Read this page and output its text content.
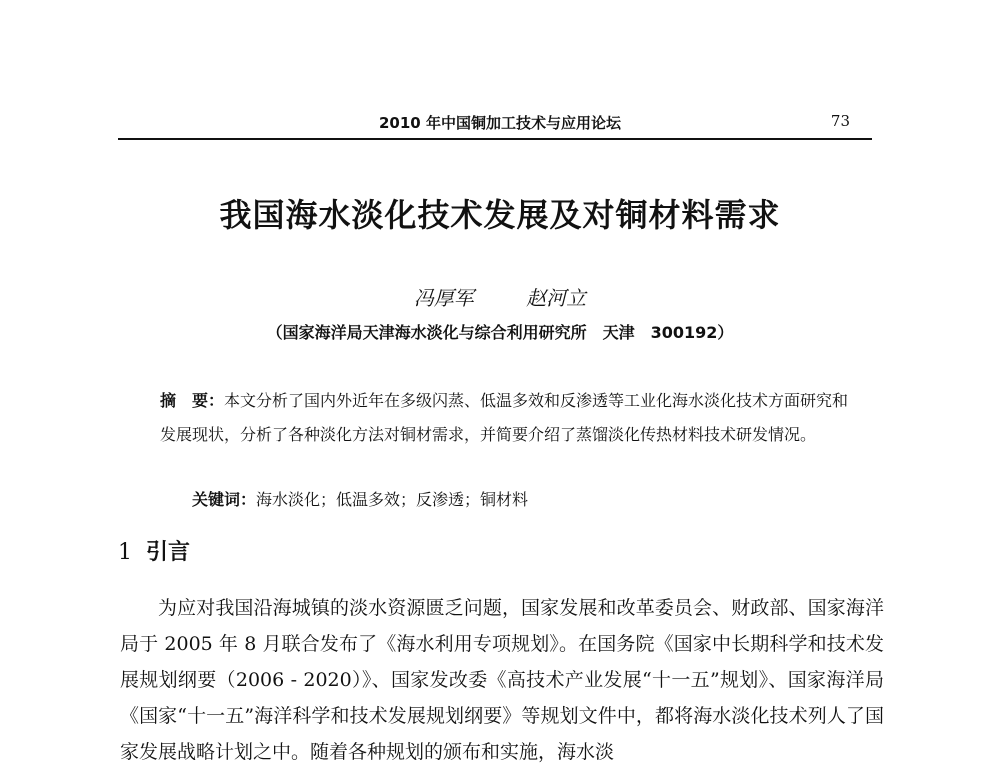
2010 年中国铜加工技术与应用论坛	73
我国海水淡化技术发展及对铜材料需求
冯厚军	赵河立
（国家海洋局天津海水淡化与综合利用研究所　天津　300192）
摘　要：本文分析了国内外近年在多级闪蒸、低温多效和反渗透等工业化海水淡化技术方面研究和发展现状，分析了各种淡化方法对铜材需求，并简要介绍了蒸馏淡化传热材料技术研发情况。
关键词：海水淡化；低温多效；反渗透；铜材料
1 引言

为应对我国沿海城镇的淡水资源匮乏问题，国家发展和改革委员会、财政部、国家海洋局于 2005 年 8 月联合发布了《海水利用专项规划》。在国务院《国家中长期科学和技术发展规划纲要（2006 - 2020）》、国家发改委《高技术产业发展“十一五”规划》、国家海洋局《国家“十一五”海洋科学和技术发展规划纲要》等规划文件中，都将海水淡化技术列人了国家发展战略计划之中。随着各种规划的颁布和实施，海水淡
